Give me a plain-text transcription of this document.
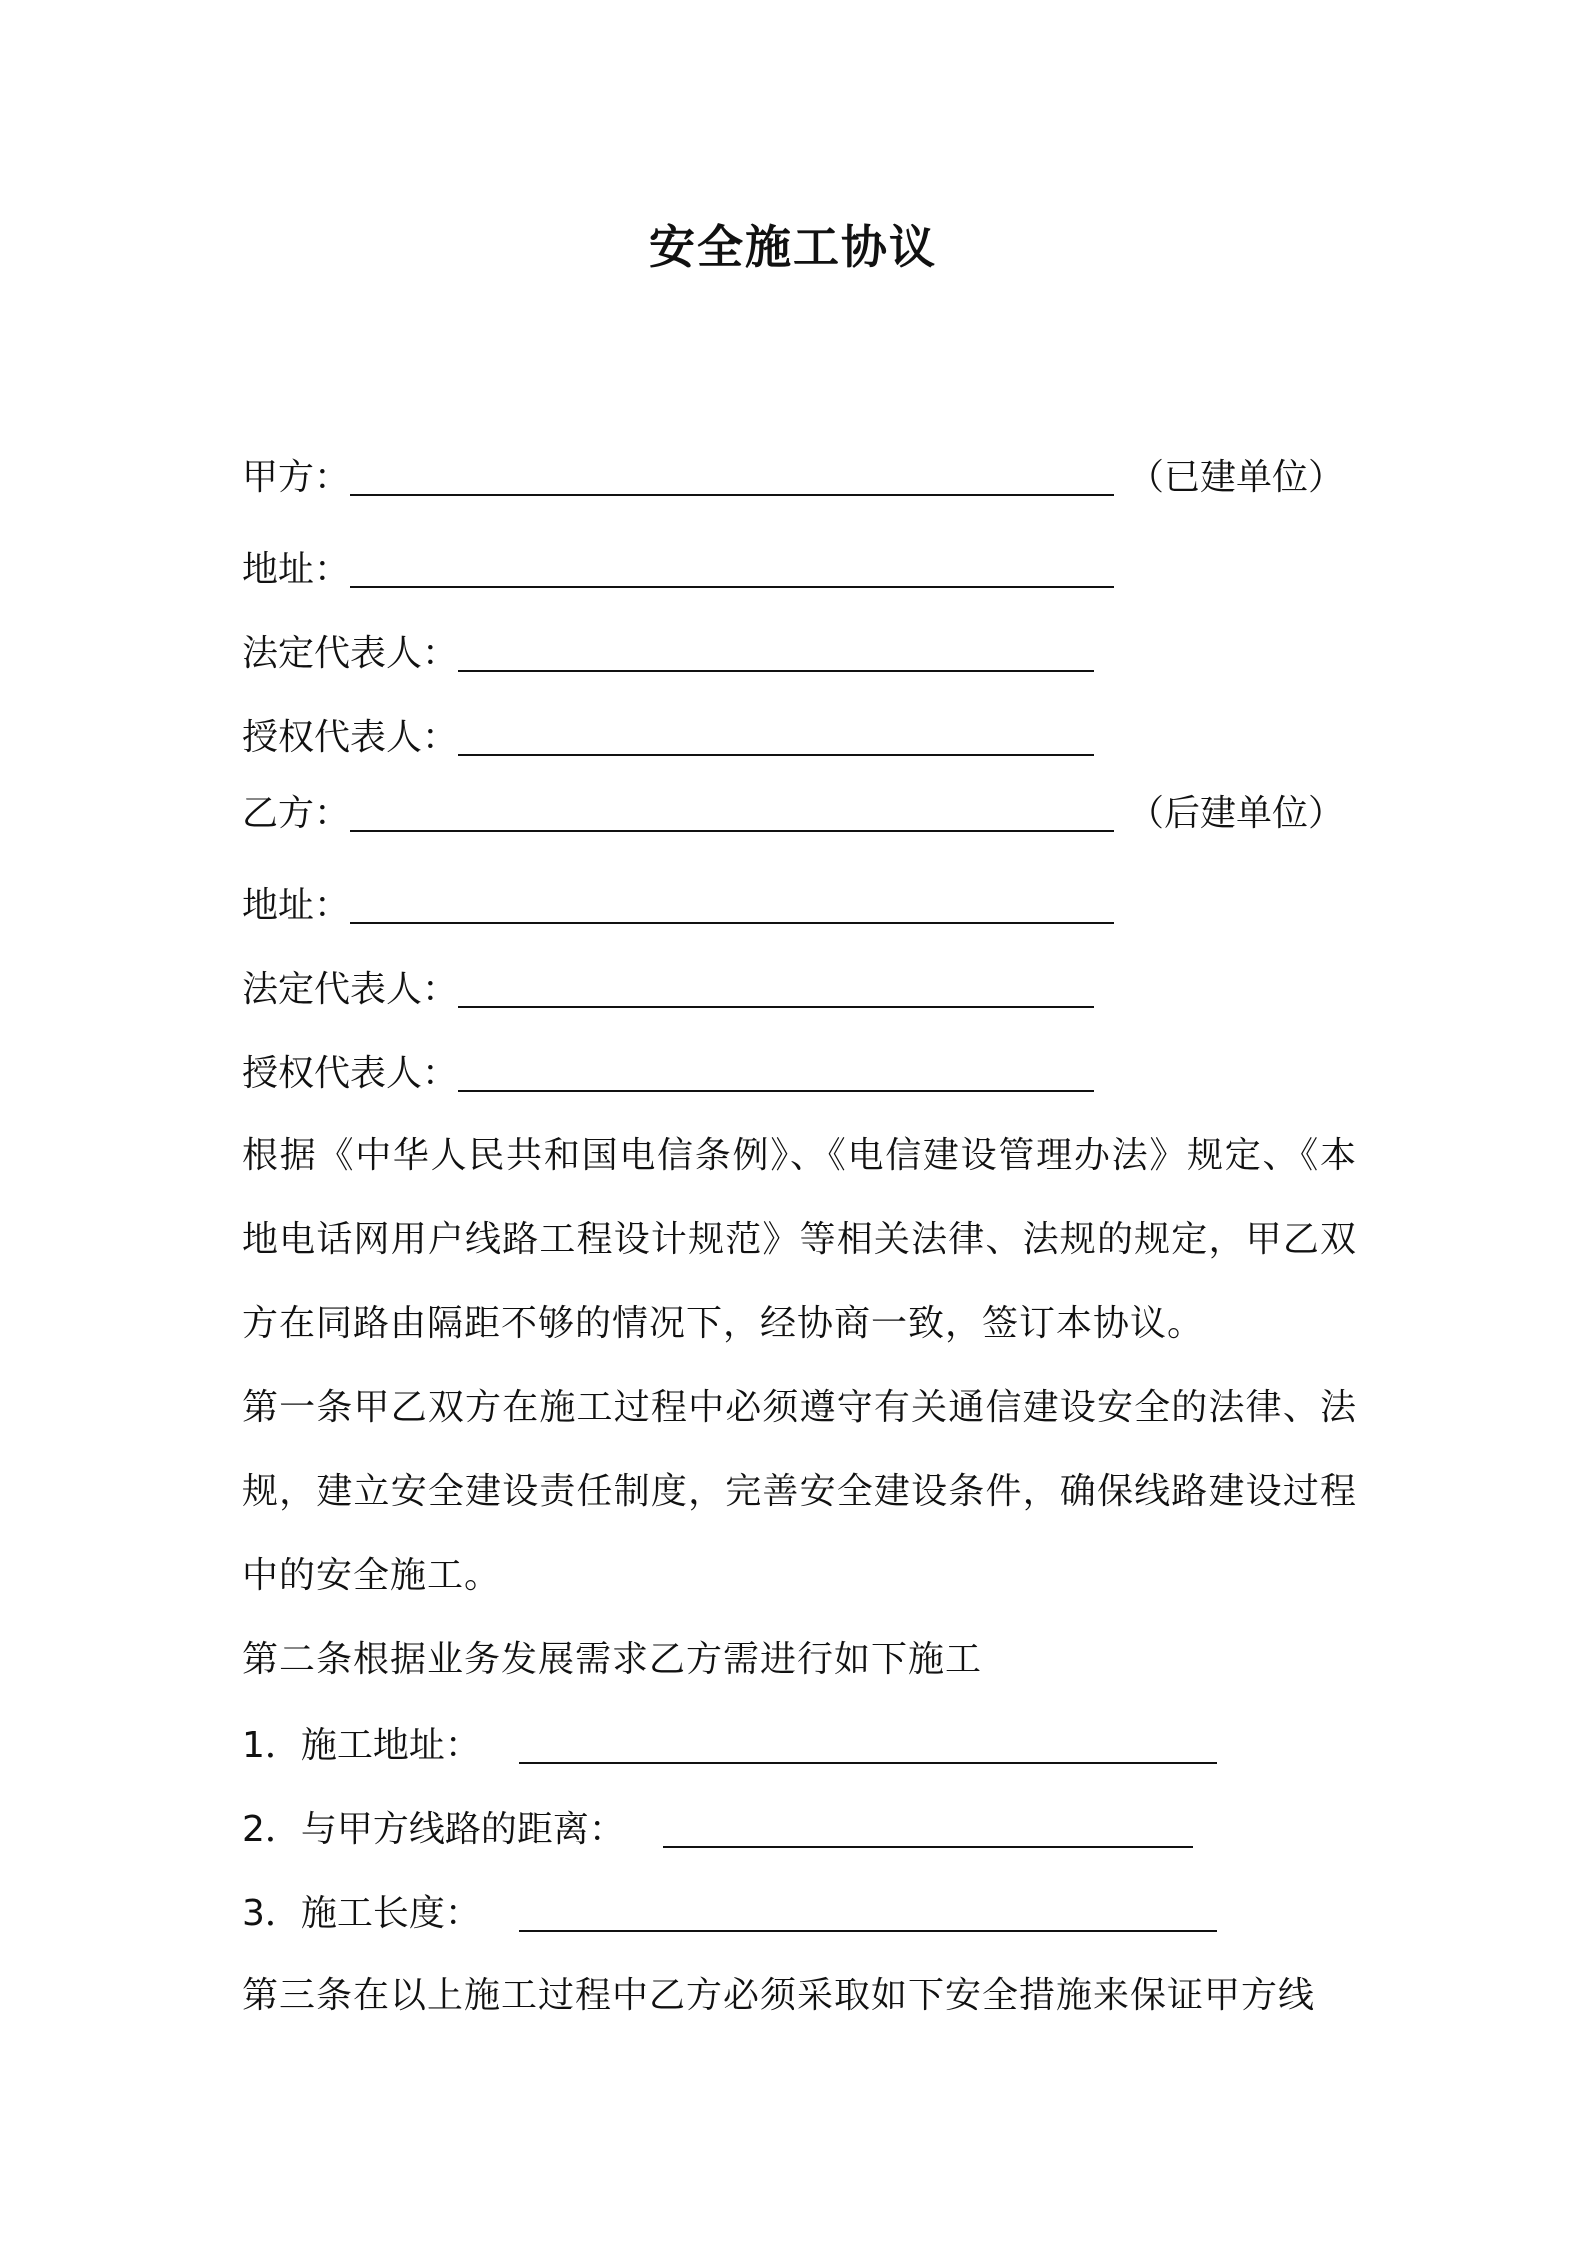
安全施工协议
甲方：	（已建单位）
地址：
法定代表人：
授权代表人：
乙方：	（后建单位）
地址：
法定代表人：
授权代表人：
根据《中华人民共和国电信条例》、《电信建设管理办法》规定、《本地电话网用户线路工程设计规范》等相关法律、法规的规定，甲乙双方在同路由隔距不够的情况下，经协商一致，签订本协议。
第一条甲乙双方在施工过程中必须遵守有关通信建设安全的法律、法规，建立安全建设责任制度，完善安全建设条件，确保线路建设过程中的安全施工。
第二条根据业务发展需求乙方需进行如下施工
1．施工地址：
2．与甲方线路的距离：
3．施工长度：
第三条在以上施工过程中乙方必须采取如下安全措施来保证甲方线
